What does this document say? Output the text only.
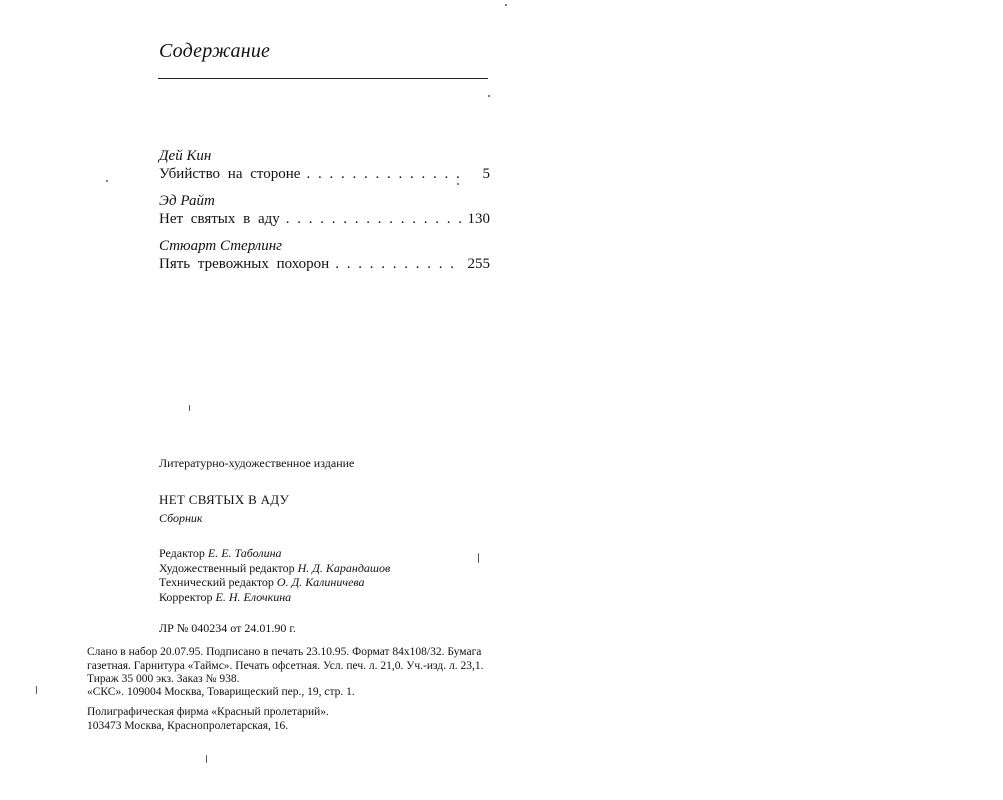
Содержание
Дей Кин
Убийство на стороне . . .	5
Эд Райт
Нет святых в аду . . .	130
Стюарт Стерлинг
Пять тревожных похорон . . .	255
Литературно-художественное издание
НЕТ СВЯТЫХ В АДУ
Сборник
Редактор Е. Е. Таболина
Художественный редактор Н. Д. Карандашов
Технический редактор О. Д. Калиничева
Корректор Е. Н. Елочкина
ЛР № 040234 от 24.01.90 г.
Слано в набор 20.07.95. Подписано в печать 23.10.95. Формат 84x108/32. Бумага
газетная. Гарнитура «Таймс». Печать офсетная. Усл. печ. л. 21,0. Уч.-изд. л. 23,1.
Тираж 35 000 экз. Заказ № 938.
«СКС». 109004 Москва, Товарищеский пер., 19, стр. 1.
Полиграфическая фирма «Красный пролетарий».
103473 Москва, Краснопролетарская, 16.
